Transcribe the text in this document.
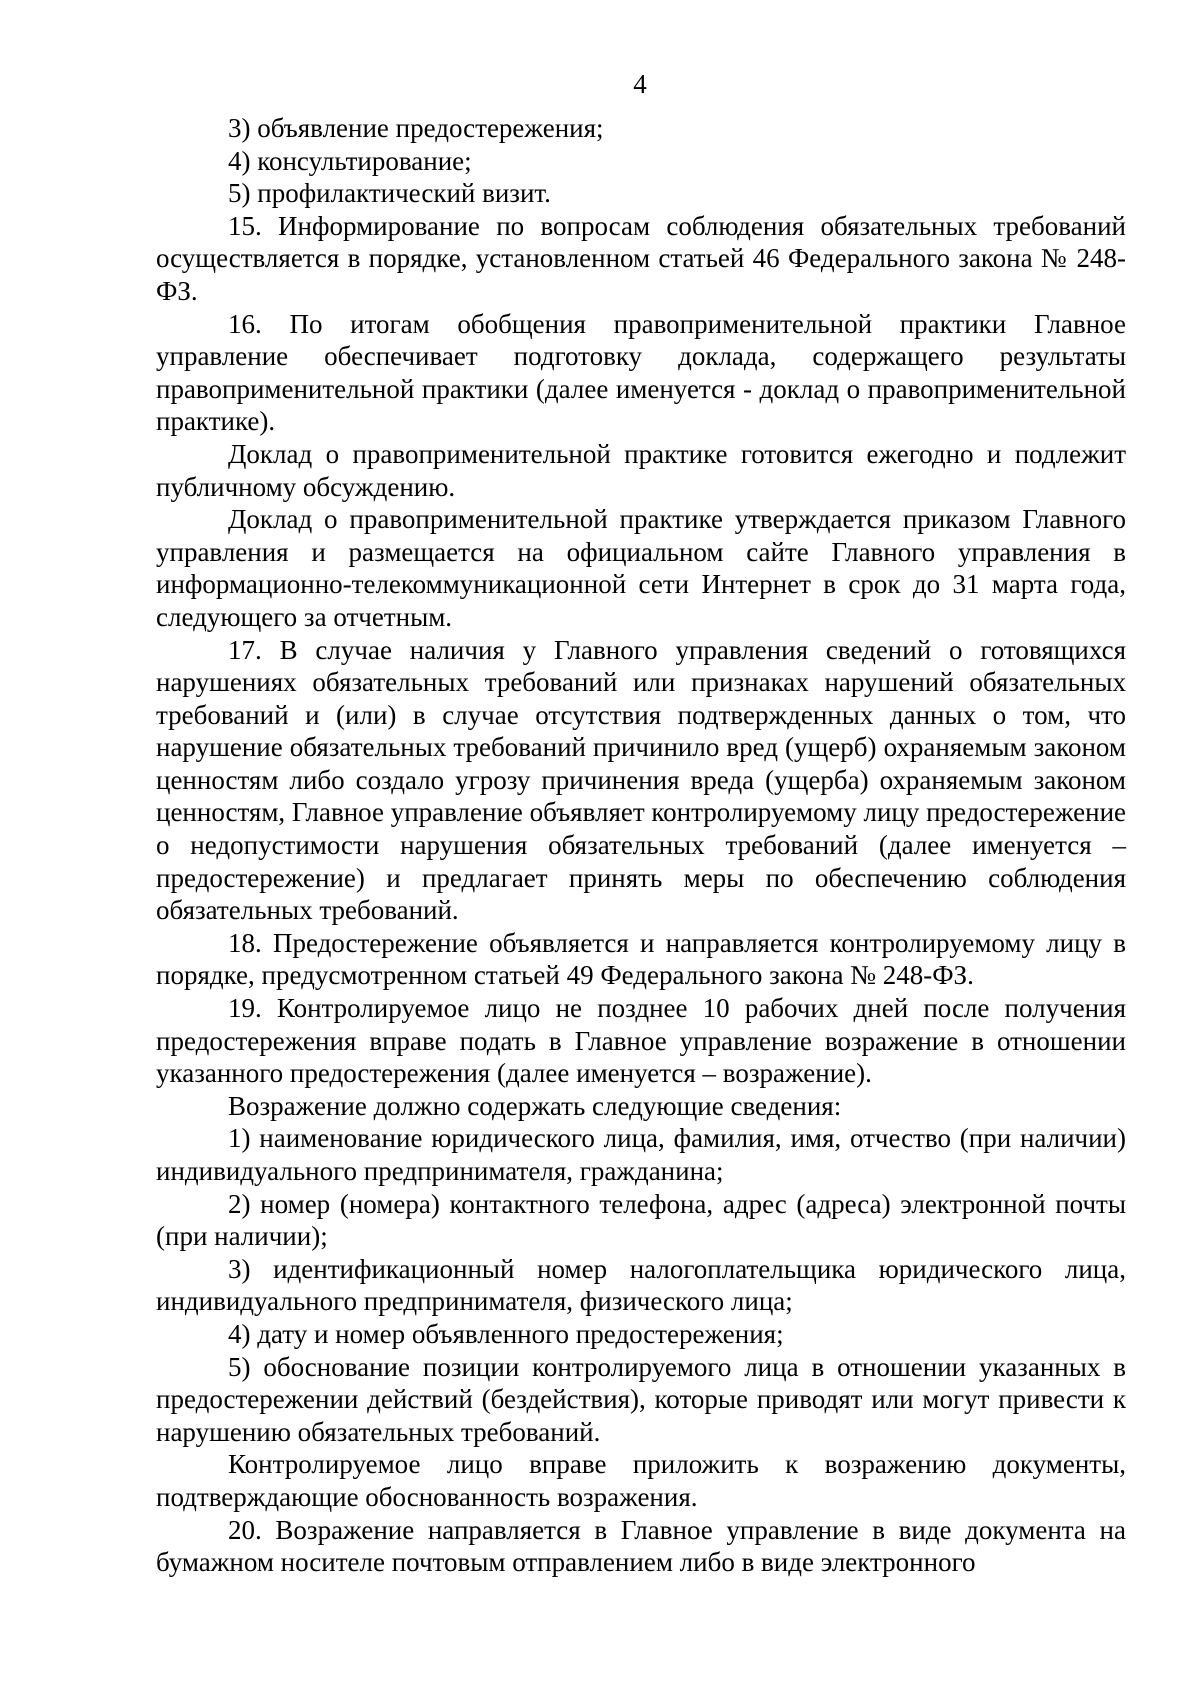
4

3) объявление предостережения;

4) консультирование;

5) профилактический визит.

15. Информирование по вопросам соблюдения обязательных требований осуществляется в порядке, установленном статьей 46 Федерального закона № 248-ФЗ.

16. По итогам обобщения правоприменительной практики Главное управление обеспечивает подготовку доклада, содержащего результаты правоприменительной практики (далее именуется - доклад о правоприменительной практике).

Доклад о правоприменительной практике готовится ежегодно и подлежит публичному обсуждению.

Доклад о правоприменительной практике утверждается приказом Главного управления и размещается на официальном сайте Главного управления в информационно-телекоммуникационной сети Интернет в срок до 31 марта года, следующего за отчетным.

17. В случае наличия у Главного управления сведений о готовящихся нарушениях обязательных требований или признаках нарушений обязательных требований и (или) в случае отсутствия подтвержденных данных о том, что нарушение обязательных требований причинило вред (ущерб) охраняемым законом ценностям либо создало угрозу причинения вреда (ущерба) охраняемым законом ценностям, Главное управление объявляет контролируемому лицу предостережение о недопустимости нарушения обязательных требований (далее именуется – предостережение) и предлагает принять меры по обеспечению соблюдения обязательных требований.

18. Предостережение объявляется и направляется контролируемому лицу в порядке, предусмотренном статьей 49 Федерального закона № 248-ФЗ.

19. Контролируемое лицо не позднее 10 рабочих дней после получения предостережения вправе подать в Главное управление возражение в отношении указанного предостережения (далее именуется – возражение).

Возражение должно содержать следующие сведения:

1) наименование юридического лица, фамилия, имя, отчество (при наличии) индивидуального предпринимателя, гражданина;

2) номер (номера) контактного телефона, адрес (адреса) электронной почты (при наличии);

3) идентификационный номер налогоплательщика юридического лица, индивидуального предпринимателя, физического лица;

4) дату и номер объявленного предостережения;

5) обоснование позиции контролируемого лица в отношении указанных в предостережении действий (бездействия), которые приводят или могут привести к нарушению обязательных требований.

Контролируемое лицо вправе приложить к возражению документы, подтверждающие обоснованность возражения.

20. Возражение направляется в Главное управление в виде документа на бумажном носителе почтовым отправлением либо в виде электронного
